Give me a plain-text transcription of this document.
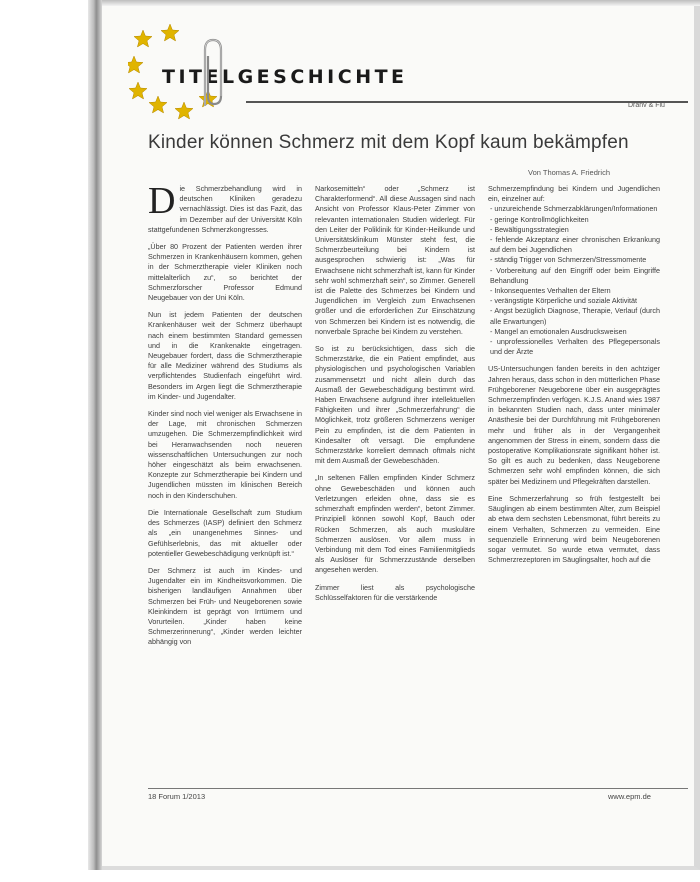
TITELGESCHICHTE
Dranv & Flu
Kinder können Schmerz mit dem Kopf kaum bekämpfen
Von Thomas A. Friedrich

Die Schmerzbehandlung wird in deutschen Kliniken geradezu vernachlässigt. Dies ist das Fazit, das im Dezember auf der Universität Köln stattgefundenen Schmerzkongresses.

„Über 80 Prozent der Patienten werden ihrer Schmerzen in Krankenhäusern kommen, gehen in der Schmerztherapie vieler Kliniken noch mittelalterlich zu“, so berichtet der Schmerzforscher Professor Edmund Neugebauer von der Uni Köln.

Nun ist jedem Patienten der deutschen Krankenhäuser weit der Schmerz überhaupt nach einem bestimmten Standard gemessen und in die Krankenakte eingetragen. Neugebauer fordert, dass die Schmerztherapie für alle Mediziner während des Studiums als verpflichtendes Studienfach eingeführt wird. Besonders im Argen liegt die Schmerztherapie im Kinder- und Jugendalter.

Kinder sind noch viel weniger als Erwachsene in der Lage, mit chronischen Schmerzen umzugehen. Die Schmerzempfindlichkeit wird bei Heranwachsenden noch neueren wissenschaftlichen Untersuchungen zur noch höher eingeschätzt als beim erwachsenen. Konzepte zur Schmerztherapie bei Kindern und Jugendlichen müssten im klinischen Bereich noch in den Kinderschuhen.

Die Internationale Gesellschaft zum Studium des Schmerzes (IASP) definiert den Schmerz als „ein unangenehmes Sinnes- und Gefühlserlebnis, das mit aktueller oder potentieller Gewebeschädigung verknüpft ist.“

Der Schmerz ist auch im Kindes- und Jugendalter ein im Kindheitsvorkommen. Die bisherigen landläufigen Annahmen über Schmerzen bei Früh- und Neugeborenen sowie Kleinkindern ist geprägt von Irrtümern und Vorurteilen. „Kinder haben keine Schmerzerinnerung“, „Kinder werden leichter abhängig von

Narkosemitteln“ oder „Schmerz ist Charakterformend“. All diese Aussagen sind nach Ansicht von Professor Klaus-Peter Zimmer von relevanten internationalen Studien widerlegt. Für den Leiter der Poliklinik für Kinder-Heilkunde und Universitätsklinikum Münster steht fest, die Schmerzbeurteilung bei Kindern ist ausgesprochen schwierig ist: „Was für Erwachsene nicht schmerzhaft ist, kann für Kinder sehr wohl schmerzhaft sein“, so Zimmer. Generell ist die Palette des Schmerzes bei Kindern und Jugendlichen im Vergleich zum Erwachsenen größer und die erforderlichen Zur Einschätzung von Schmerzen bei Kindern ist es notwendig, die nonverbale Sprache bei Kindern zu verstehen.

So ist zu berücksichtigen, dass sich die Schmerzstärke, die ein Patient empfindet, aus physiologischen und psychologischen Variablen zusammensetzt und nicht allein durch das Ausmaß der Gewebeschädigung bestimmt wird. Haben Erwachsene aufgrund ihrer intellektuellen Fähigkeiten und ihrer „Schmerzerfahrung“ die Möglichkeit, trotz größeren Schmerzens weniger Pein zu empfinden, ist die dem Patienten in Kindesalter oft versagt. Die empfundene Schmerzstärke korreliert demnach oftmals nicht mit dem Ausmaß der Gewebeschäden.

„In seltenen Fällen empfinden Kinder Schmerz ohne Gewebeschäden und können auch Verletzungen erleiden ohne, dass sie es schmerzhaft empfinden werden“, betont Zimmer. Prinzipiell können sowohl Kopf, Bauch oder Rücken Schmerzen, als auch muskuläre Schmerzen auslösen. Vor allem muss in Verbindung mit dem Tod eines Familienmitglieds als Auslöser für Schmerzzustände derselben angesehen werden.

Zimmer liest als psychologische Schlüsselfaktoren für die verstärkende

Schmerzempfindung bei Kindern und Jugendlichen ein, einzelner auf:

- unzureichende Schmerzabklärungen/Informationen
- geringe Kontrollmöglichkeiten
- Bewältigungsstrategien
- fehlende Akzeptanz einer chronischen Erkrankung auf dem bei Jugendlichen
- ständig Trigger von Schmerzen/Stressmomente
- Vorbereitung auf den Eingriff oder beim Eingriffe Behandlung
- Inkonsequentes Verhalten der Eltern
- verängstigte Körperliche und soziale Aktivität
- Angst bezüglich Diagnose, Therapie, Verlauf (durch alle Erwartungen)
- Mangel an emotionalen Ausdrucksweisen
- unprofessionelles Verhalten des Pflegepersonals und der Ärzte

US-Untersuchungen fanden bereits in den achtziger Jahren heraus, dass schon in den mütterlichen Phase Frühgeborener Neugeborene über ein ausgeprägtes Schmerzempfinden verfügen. K.J.S. Anand wies 1987 in bekannten Studien nach, dass unter minimaler Anästhesie bei der Durchführung mit Frühgeborenen mehr und früher als in der Vergangenheit angenommen der Stress in einem, sondern dass die postoperative Komplikationsrate signifikant höher ist. So gilt es auch zu bedenken, dass Neugeborene Schmerzen sehr wohl empfinden können, die sich später bei Medizinern und Pflegekräften darstellen.

Eine Schmerzerfahrung so früh festgestellt bei Säuglingen ab einem bestimmten Alter, zum Beispiel ab etwa dem sechsten Lebensmonat, führt bereits zu einem Verhalten, Schmerzen zu vermeiden. Eine sequenzielle Erinnerung wird beim Neugeborenen sogar vermutet. So wurde etwa vermutet, dass Schmerzrezeptoren im Säuglingsalter, hoch auf die

18 Forum 1/2013	www.epm.de
